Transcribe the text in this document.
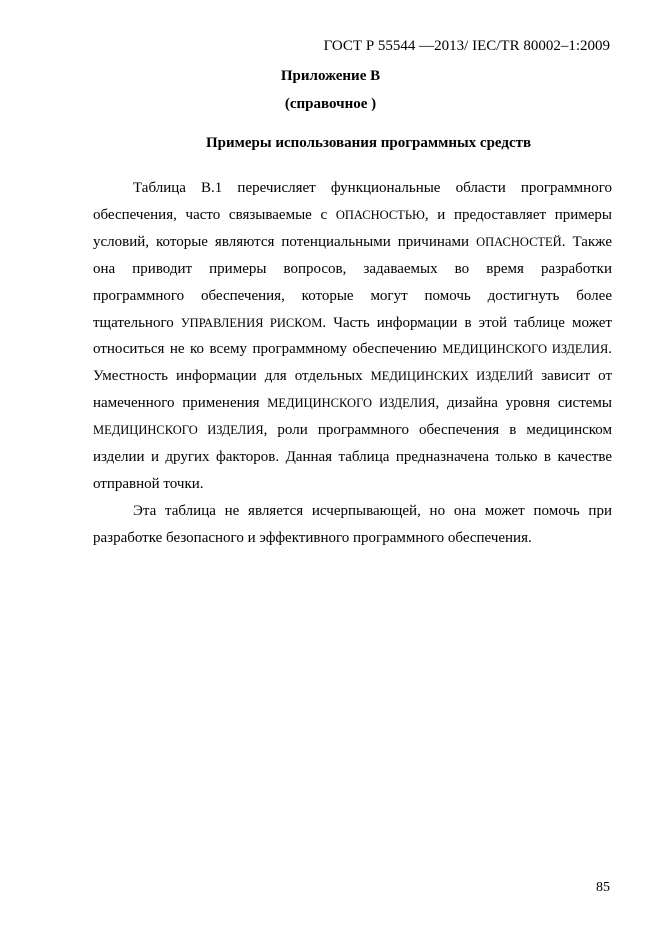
ГОСТ Р 55544 —2013/ IEC/TR 80002–1:2009
Приложение В
(справочное )
Примеры использования программных средств

Таблица В.1 перечисляет функциональные области программного обеспечения, часто связываемые с ОПАСНОСТЬЮ, и предоставляет примеры условий, которые являются потенциальными причинами ОПАСНОСТЕЙ. Также она приводит примеры вопросов, задаваемых во время разработки программного обеспечения, которые могут помочь достигнуть более тщательного УПРАВЛЕНИЯ РИСКОМ. Часть информации в этой таблице может относиться не ко всему программному обеспечению МЕДИЦИНСКОГО ИЗДЕЛИЯ. Уместность информации для отдельных МЕДИЦИНСКИХ ИЗДЕЛИЙ зависит от намеченного применения МЕДИЦИНСКОГО ИЗДЕЛИЯ, дизайна уровня системы МЕДИЦИНСКОГО ИЗДЕЛИЯ, роли программного обеспечения в медицинском изделии и других факторов. Данная таблица предназначена только в качестве отправной точки.

Эта таблица не является исчерпывающей, но она может помочь при разработке безопасного и эффективного программного обеспечения.

85
